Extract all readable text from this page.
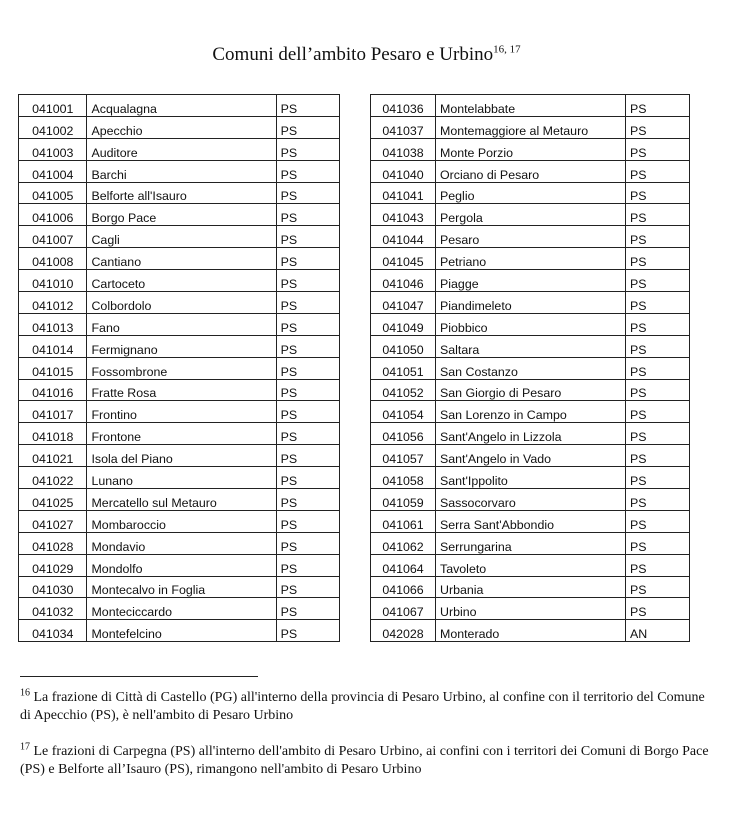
Comuni dell’ambito Pesaro e Urbino$^{16, 17}$
041001	Acqualagna	PS
041002	Apecchio	PS
041003	Auditore	PS
041004	Barchi	PS
041005	Belforte all'Isauro	PS
041006	Borgo Pace	PS
041007	Cagli	PS
041008	Cantiano	PS
041010	Cartoceto	PS
041012	Colbordolo	PS
041013	Fano	PS
041014	Fermignano	PS
041015	Fossombrone	PS
041016	Fratte Rosa	PS
041017	Frontino	PS
041018	Frontone	PS
041021	Isola del Piano	PS
041022	Lunano	PS
041025	Mercatello sul Metauro	PS
041027	Mombaroccio	PS
041028	Mondavio	PS
041029	Mondolfo	PS
041030	Montecalvo in Foglia	PS
041032	Monteciccardo	PS
041034	Montefelcino	PS
041036	Montelabbate	PS
041037	Montemaggiore al Metauro	PS
041038	Monte Porzio	PS
041040	Orciano di Pesaro	PS
041041	Peglio	PS
041043	Pergola	PS
041044	Pesaro	PS
041045	Petriano	PS
041046	Piagge	PS
041047	Piandimeleto	PS
041049	Piobbico	PS
041050	Saltara	PS
041051	San Costanzo	PS
041052	San Giorgio di Pesaro	PS
041054	San Lorenzo in Campo	PS
041056	Sant'Angelo in Lizzola	PS
041057	Sant'Angelo in Vado	PS
041058	Sant'Ippolito	PS
041059	Sassocorvaro	PS
041061	Serra Sant'Abbondio	PS
041062	Serrungarina	PS
041064	Tavoleto	PS
041066	Urbania	PS
041067	Urbino	PS
042028	Monterado	AN
$^{16}$ La frazione di Città di Castello (PG) all'interno della provincia di Pesaro Urbino, al confine con il territorio del Comune di Apecchio (PS), è nell'ambito di Pesaro Urbino
$^{17}$ Le frazioni di Carpegna (PS) all'interno dell'ambito di Pesaro Urbino, ai confini con i territori dei Comuni di Borgo Pace (PS) e Belforte all’Isauro (PS), rimangono nell'ambito di Pesaro Urbino
